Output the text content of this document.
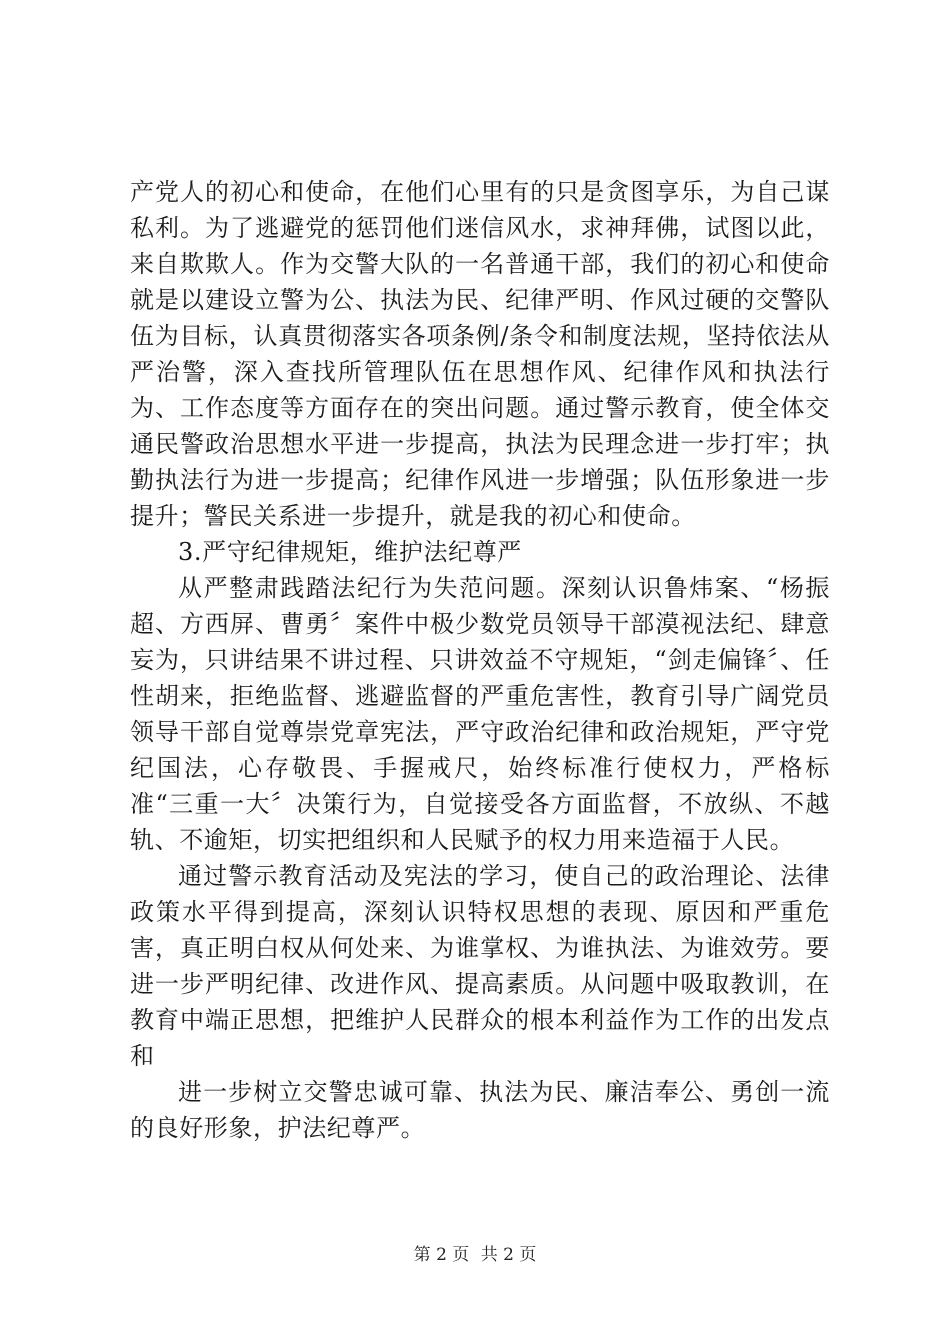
产党人的初心和使命，在他们心里有的只是贪图享乐，为自己谋私利。为了逃避党的惩罚他们迷信风水，求神拜佛，试图以此，来自欺欺人。作为交警大队的一名普通干部，我们的初心和使命就是以建设立警为公、执法为民、纪律严明、作风过硬的交警队伍为目标，认真贯彻落实各项条例/条令和制度法规，坚持依法从严治警，深入查找所管理队伍在思想作风、纪律作风和执法行为、工作态度等方面存在的突出问题。通过警示教育，使全体交通民警政治思想水平进一步提高，执法为民理念进一步打牢；执勤执法行为进一步提高；纪律作风进一步增强；队伍形象进一步提升；警民关系进一步提升，就是我的初心和使命。

3.严守纪律规矩，维护法纪尊严

从严整肃践踏法纪行为失范问题。深刻认识鲁炜案、“杨振超、方西屏、曹勇〞案件中极少数党员领导干部漠视法纪、肆意妄为，只讲结果不讲过程、只讲效益不守规矩，“剑走偏锋〞、任性胡来，拒绝监督、逃避监督的严重危害性，教育引导广阔党员领导干部自觉尊崇党章宪法，严守政治纪律和政治规矩，严守党纪国法，心存敬畏、手握戒尺，始终标准行使权力，严格标准“三重一大〞决策行为，自觉接受各方面监督，不放纵、不越轨、不逾矩，切实把组织和人民赋予的权力用来造福于人民。

通过警示教育活动及宪法的学习，使自己的政治理论、法律政策水平得到提高，深刻认识特权思想的表现、原因和严重危害，真正明白权从何处来、为谁掌权、为谁执法、为谁效劳。要进一步严明纪律、改进作风、提高素质。从问题中吸取教训，在教育中端正思想，把维护人民群众的根本利益作为工作的出发点和

进一步树立交警忠诚可靠、执法为民、廉洁奉公、勇创一流的良好形象，护法纪尊严。

第 2 页 共 2 页
